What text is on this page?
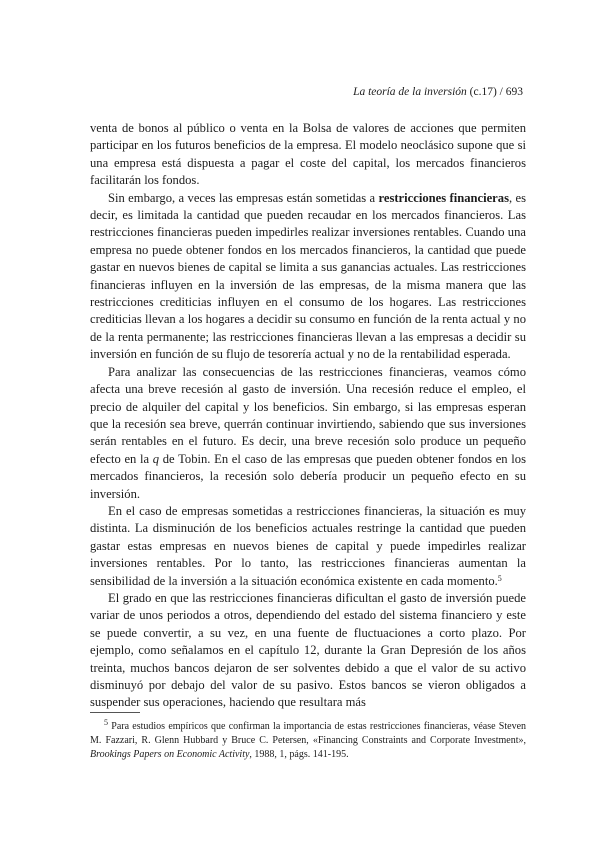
La teoría de la inversión (c.17) / 693

venta de bonos al público o venta en la Bolsa de valores de acciones que permiten participar en los futuros beneficios de la empresa. El modelo neoclásico supone que si una empresa está dispuesta a pagar el coste del capital, los mercados financieros facilitarán los fondos.

Sin embargo, a veces las empresas están sometidas a restricciones financieras, es decir, es limitada la cantidad que pueden recaudar en los mercados financieros. Las restricciones financieras pueden impedirles realizar inversiones rentables. Cuando una empresa no puede obtener fondos en los mercados financieros, la cantidad que puede gastar en nuevos bienes de capital se limita a sus ganancias actuales. Las restricciones financieras influyen en la inversión de las empresas, de la misma manera que las restricciones crediticias influyen en el consumo de los hogares. Las restricciones crediticias llevan a los hogares a decidir su consumo en función de la renta actual y no de la renta permanente; las restricciones financieras llevan a las empresas a decidir su inversión en función de su flujo de tesorería actual y no de la rentabilidad esperada.

Para analizar las consecuencias de las restricciones financieras, veamos cómo afecta una breve recesión al gasto de inversión. Una recesión reduce el empleo, el precio de alquiler del capital y los beneficios. Sin embargo, si las empresas esperan que la recesión sea breve, querrán continuar invirtiendo, sabiendo que sus inversiones serán rentables en el futuro. Es decir, una breve recesión solo produce un pequeño efecto en la q de Tobin. En el caso de las empresas que pueden obtener fondos en los mercados financieros, la recesión solo debería producir un pequeño efecto en su inversión.

En el caso de empresas sometidas a restricciones financieras, la situación es muy distinta. La disminución de los beneficios actuales restringe la cantidad que pueden gastar estas empresas en nuevos bienes de capital y puede impedirles realizar inversiones rentables. Por lo tanto, las restricciones financieras aumentan la sensibilidad de la inversión a la situación económica existente en cada momento.$^5$

El grado en que las restricciones financieras dificultan el gasto de inversión puede variar de unos periodos a otros, dependiendo del estado del sistema financiero y este se puede convertir, a su vez, en una fuente de fluctuaciones a corto plazo. Por ejemplo, como señalamos en el capítulo 12, durante la Gran Depresión de los años treinta, muchos bancos dejaron de ser solventes debido a que el valor de su activo disminuyó por debajo del valor de su pasivo. Estos bancos se vieron obligados a suspender sus operaciones, haciendo que resultara más

$^5$ Para estudios empíricos que confirman la importancia de estas restricciones financieras, véase Steven M. Fazzari, R. Glenn Hubbard y Bruce C. Petersen, «Financing Constraints and Corporate Investment», Brookings Papers on Economic Activity, 1988, 1, págs. 141-195.
